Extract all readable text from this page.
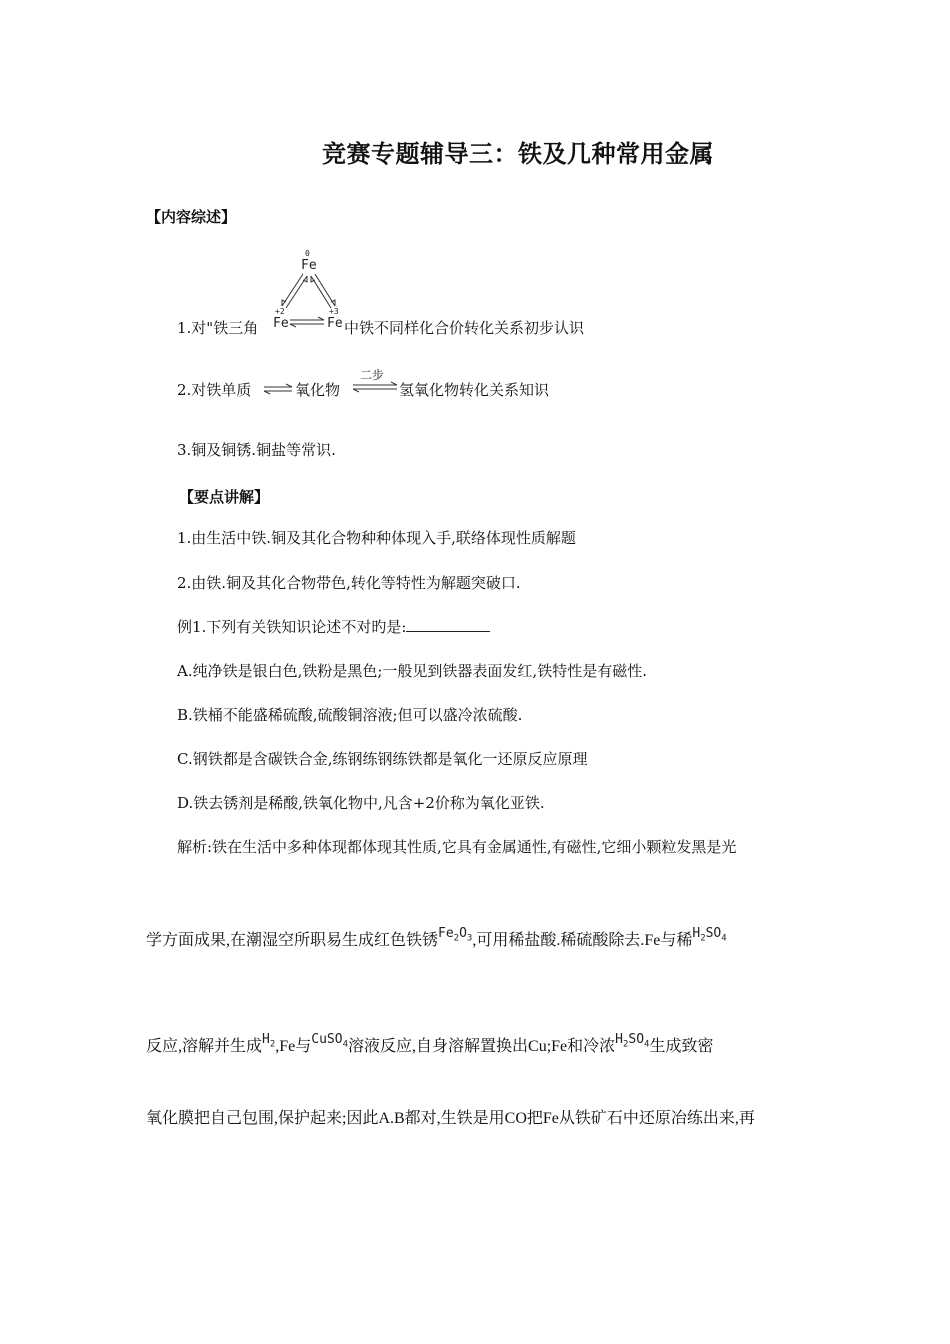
竞赛专题辅导三：铁及几种常用金属
【内容综述】
0
Fe
+2
Fe
+3
Fe
1.对"铁三角	中铁不同样化合价转化关系初步认识
2.对铁单质 ⇌ 氧化物
二步
⇌ 氢氧化物转化关系知识
3.铜及铜锈.铜盐等常识.
【要点讲解】
1.由生活中铁.铜及其化合物种种体现入手,联络体现性质解题
2.由铁.铜及其化合物带色,转化等特性为解题突破口.
例1.下列有关铁知识论述不对旳是:
A.纯净铁是银白色,铁粉是黑色;一般见到铁器表面发红,铁特性是有磁性.
B.铁桶不能盛稀硫酸,硫酸铜溶液;但可以盛冷浓硫酸.
C.钢铁都是含碳铁合金,练钢练钢练铁都是氧化一还原反应原理
D.铁去锈剂是稀酸,铁氧化物中,凡含+2价称为氧化亚铁.
解析:铁在生活中多种体现都体现其性质,它具有金属通性,有磁性,它细小颗粒发黑是光
学方面成果,在潮湿空所职易生成红色铁锈$^{Fe_2O_3}$,可用稀盐酸.稀硫酸除去.Fe与稀$^{H_2SO_4}$
反应,溶解并生成$^{H_2}$,Fe与$^{CuSO_4}$溶液反应,自身溶解置换出Cu;Fe和冷浓$^{H_2SO_4}$生成致密
氧化膜把自己包围,保护起来;因此A.B都对,生铁是用CO把Fe从铁矿石中还原冶练出来,再
